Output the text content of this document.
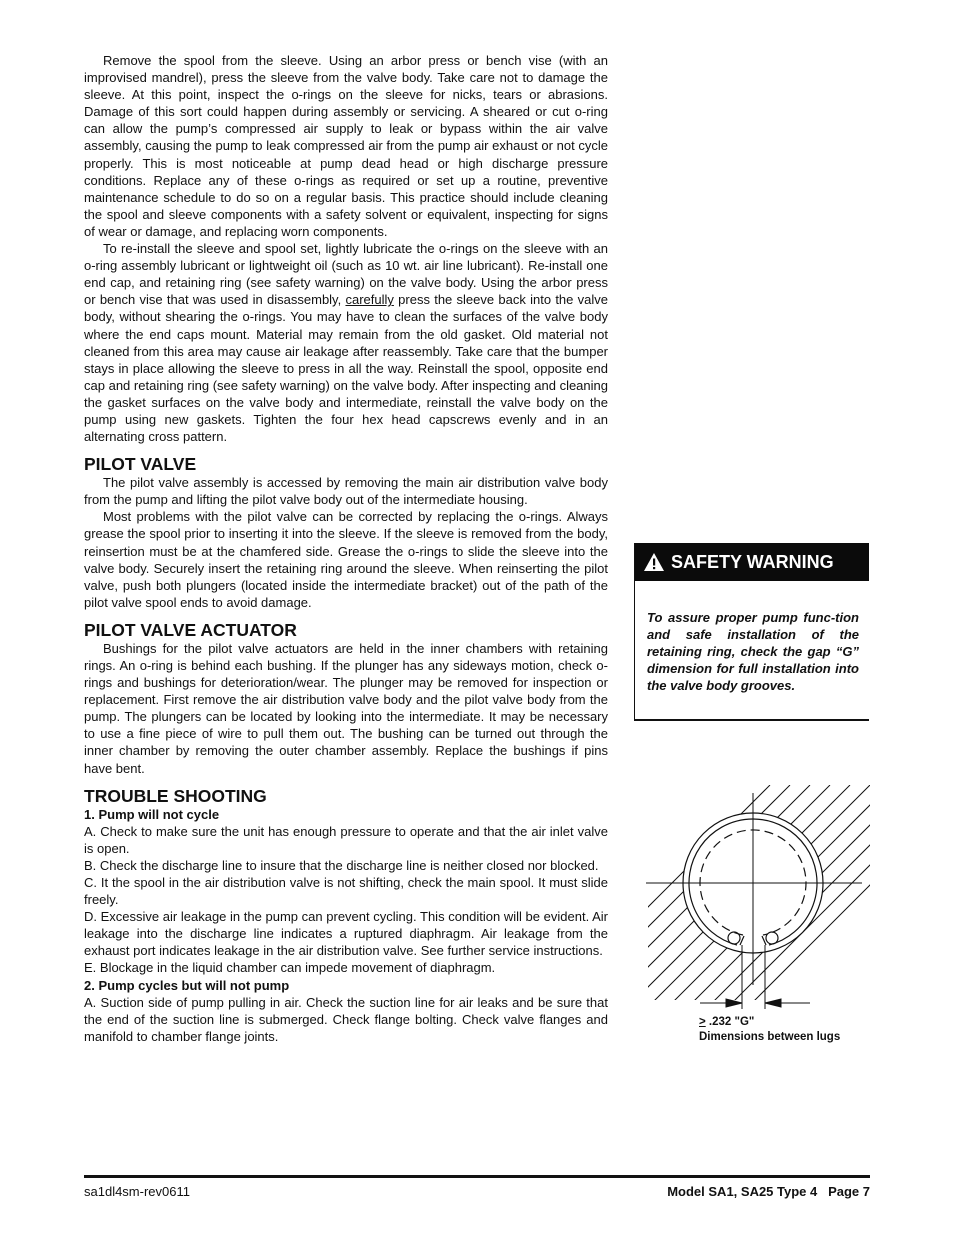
Remove the spool from the sleeve. Using an arbor press or bench vise (with an improvised mandrel), press the sleeve from the valve body. Take care not to damage the sleeve. At this point, inspect the o-rings on the sleeve for nicks, tears or abrasions. Damage of this sort could happen during assembly or servicing. A sheared or cut o-ring can allow the pump’s compressed air supply to leak or bypass within the air valve assembly, causing the pump to leak compressed air from the pump air exhaust or not cycle properly. This is most noticeable at pump dead head or high discharge pressure conditions. Replace any of these o-rings as required or set up a routine, preventive maintenance schedule to do so on a regular basis. This practice should include cleaning the spool and sleeve components with a safety solvent or equivalent, inspecting for signs of wear or damage, and replacing worn components.

To re-install the sleeve and spool set, lightly lubricate the o-rings on the sleeve with an o-ring assembly lubricant or lightweight oil (such as 10 wt. air line lubricant). Re-install one end cap, and retaining ring (see safety warning) on the valve body. Using the arbor press or bench vise that was used in disassembly, carefully press the sleeve back into the valve body, without shearing the o-rings. You may have to clean the surfaces of the valve body where the end caps mount. Material may remain from the old gasket. Old material not cleaned from this area may cause air leakage after reassembly. Take care that the bumper stays in place allowing the sleeve to press in all the way. Reinstall the spool, opposite end cap and retaining ring (see safety warning) on the valve body. After inspecting and cleaning the gasket surfaces on the valve body and intermediate, reinstall the valve body on the pump using new gaskets. Tighten the four hex head capscrews evenly and in an alternating cross pattern.

PILOT VALVE

The pilot valve assembly is accessed by removing the main air distribution valve body from the pump and lifting the pilot valve body out of the intermediate housing.

Most problems with the pilot valve can be corrected by replacing the o-rings. Always grease the spool prior to inserting it into the sleeve. If the sleeve is removed from the body, reinsertion must be at the chamfered side. Grease the o-rings to slide the sleeve into the valve body. Securely insert the retaining ring around the sleeve. When reinserting the pilot valve, push both plungers (located inside the intermediate bracket) out of the path of the pilot valve spool ends to avoid damage.

PILOT VALVE ACTUATOR

Bushings for the pilot valve actuators are held in the inner chambers with retaining rings. An o-ring is behind each bushing. If the plunger has any sideways motion, check o-rings and bushings for deterioration/wear. The plunger may be removed for inspection or replacement. First remove the air distribution valve body and the pilot valve body from the pump. The plungers can be located by looking into the intermediate. It may be necessary to use a fine piece of wire to pull them out. The bushing can be turned out through the inner chamber by removing the outer chamber assembly. Replace the bushings if pins have bent.

TROUBLE SHOOTING
1. Pump will not cycle

A. Check to make sure the unit has enough pressure to operate and that the air inlet valve is open.

B. Check the discharge line to insure that the discharge line is neither closed nor blocked.

C. It the spool in the air distribution valve is not shifting, check the main spool. It must slide freely.

D. Excessive air leakage in the pump can prevent cycling. This condition will be evident. Air leakage into the discharge line indicates a ruptured diaphragm. Air leakage from the exhaust port indicates leakage in the air distribution valve. See further service instructions.

E. Blockage in the liquid chamber can impede movement of diaphragm.

2. Pump cycles but will not pump

A. Suction side of pump pulling in air. Check the suction line for air leaks and be sure that the end of the suction line is submerged. Check flange bolting. Check valve flanges and manifold to chamber flange joints.

SAFETY WARNING

To assure proper pump func-tion and safe installation of the retaining ring, check the gap “G” dimension for full installation into the valve body grooves.

≥ .232 "G"
Dimensions between lugs
sa1dl4sm-rev0611	Model SA1, SA25 Type 4   Page 7
